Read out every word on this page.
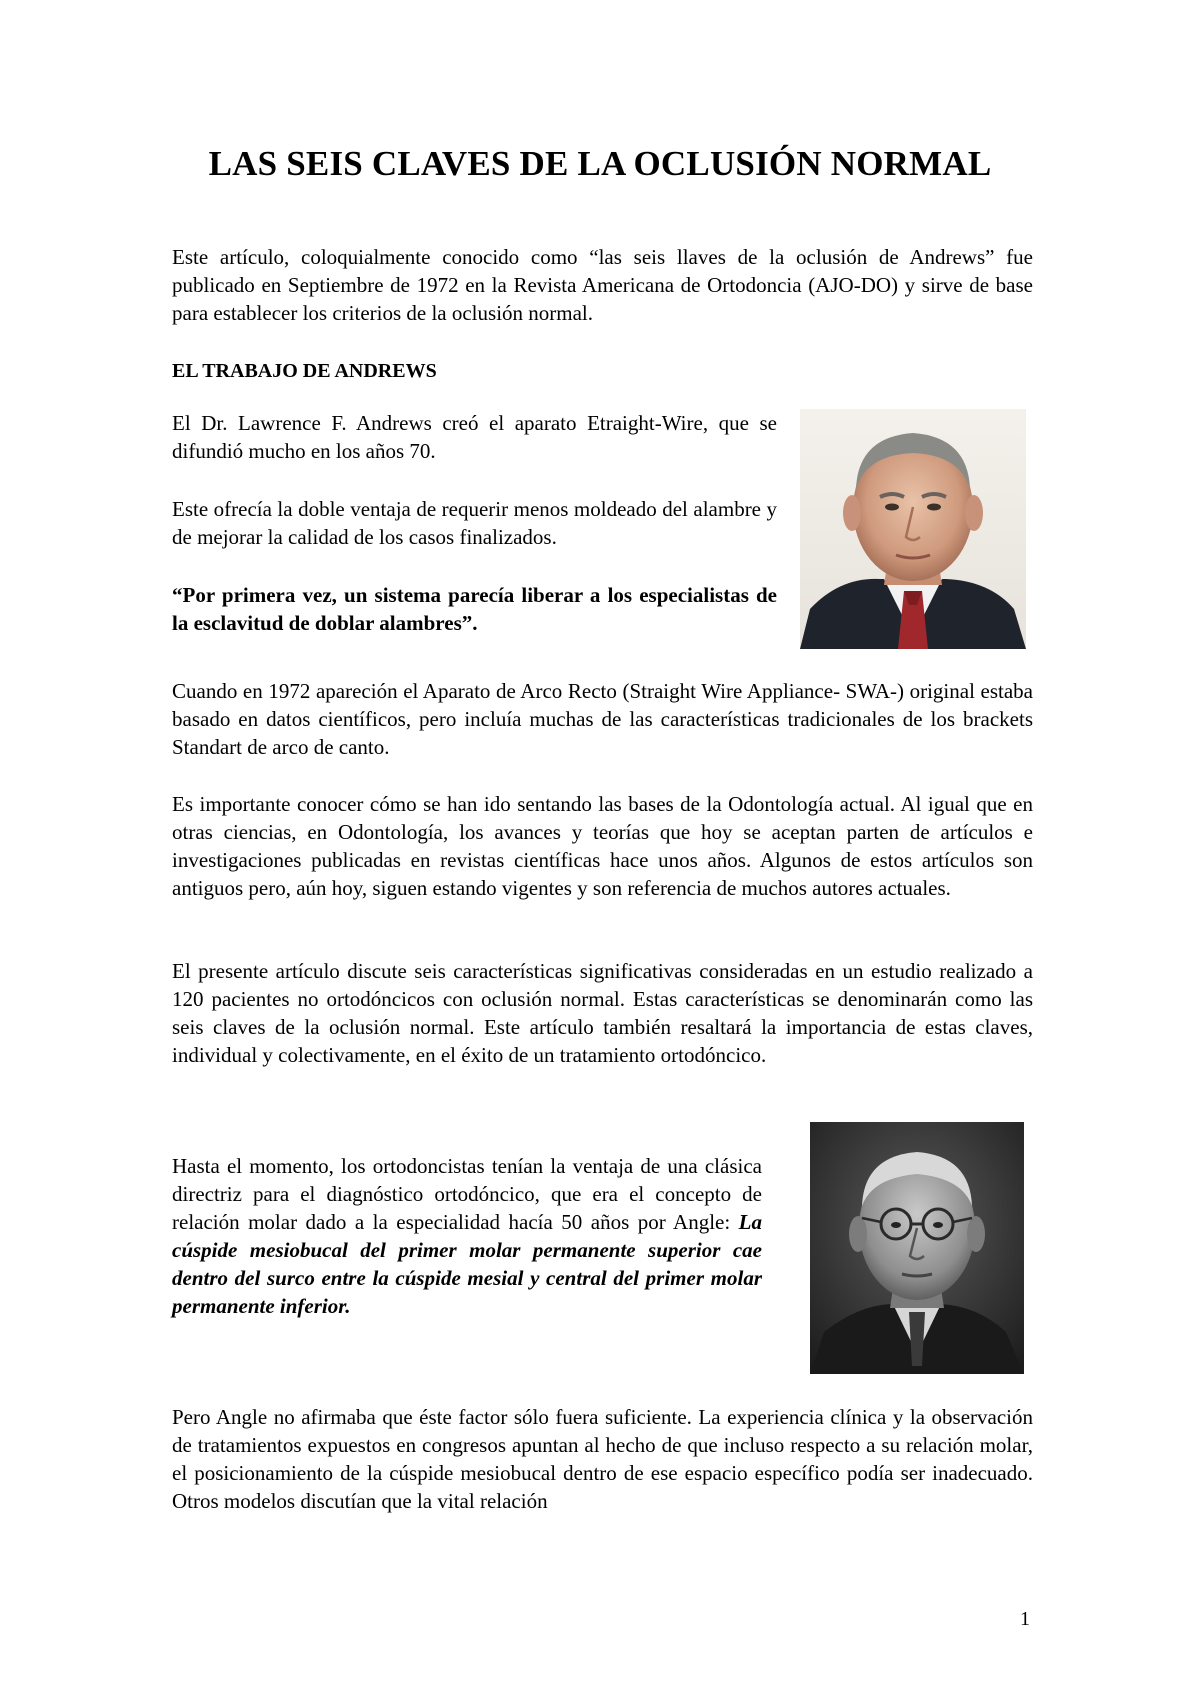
LAS SEIS CLAVES DE LA OCLUSIÓN NORMAL

Este artículo, coloquialmente conocido como “las seis llaves de la oclusión de Andrews” fue publicado en Septiembre de 1972 en la Revista Americana de Ortodoncia (AJO-DO) y sirve de base para establecer los criterios de la oclusión normal.

EL TRABAJO DE ANDREWS

El Dr. Lawrence F. Andrews creó el aparato Etraight-Wire, que se difundió mucho en los años 70.

Este ofrecía la doble ventaja de requerir menos moldeado del alambre y de mejorar la calidad de los casos finalizados.

“Por primera vez, un sistema parecía liberar a los especialistas de la esclavitud de doblar alambres”.

Cuando en 1972 apareción el Aparato de Arco Recto (Straight Wire Appliance- SWA-) original estaba basado en datos científicos, pero incluía muchas de las características tradicionales de los brackets Standart de arco de canto.

Es importante conocer cómo se han ido sentando las bases de la Odontología actual. Al igual que en otras ciencias, en Odontología, los avances y teorías que hoy se aceptan parten de artículos e investigaciones publicadas en revistas científicas hace unos años. Algunos de estos artículos son antiguos pero, aún hoy, siguen estando vigentes y son referencia de muchos autores actuales.

El presente artículo discute seis características significativas consideradas en un estudio realizado a 120 pacientes no ortodóncicos con oclusión normal. Estas características se denominarán como las seis claves de la oclusión normal. Este artículo también resaltará la importancia de estas claves, individual y colectivamente, en el éxito de un tratamiento ortodóncico.

Hasta el momento, los ortodoncistas tenían la ventaja de una clásica directriz para el diagnóstico ortodóncico, que era el concepto de relación molar dado a la especialidad hacía 50 años por Angle: La cúspide mesiobucal del primer molar permanente superior cae dentro del surco entre la cúspide mesial y central del primer molar permanente inferior.

Pero Angle no afirmaba que éste factor sólo fuera suficiente. La experiencia clínica y la observación de tratamientos expuestos en congresos apuntan al hecho de que incluso respecto a su relación molar, el posicionamiento de la cúspide mesiobucal dentro de ese espacio específico podía ser inadecuado. Otros modelos discutían que la vital relación

1
